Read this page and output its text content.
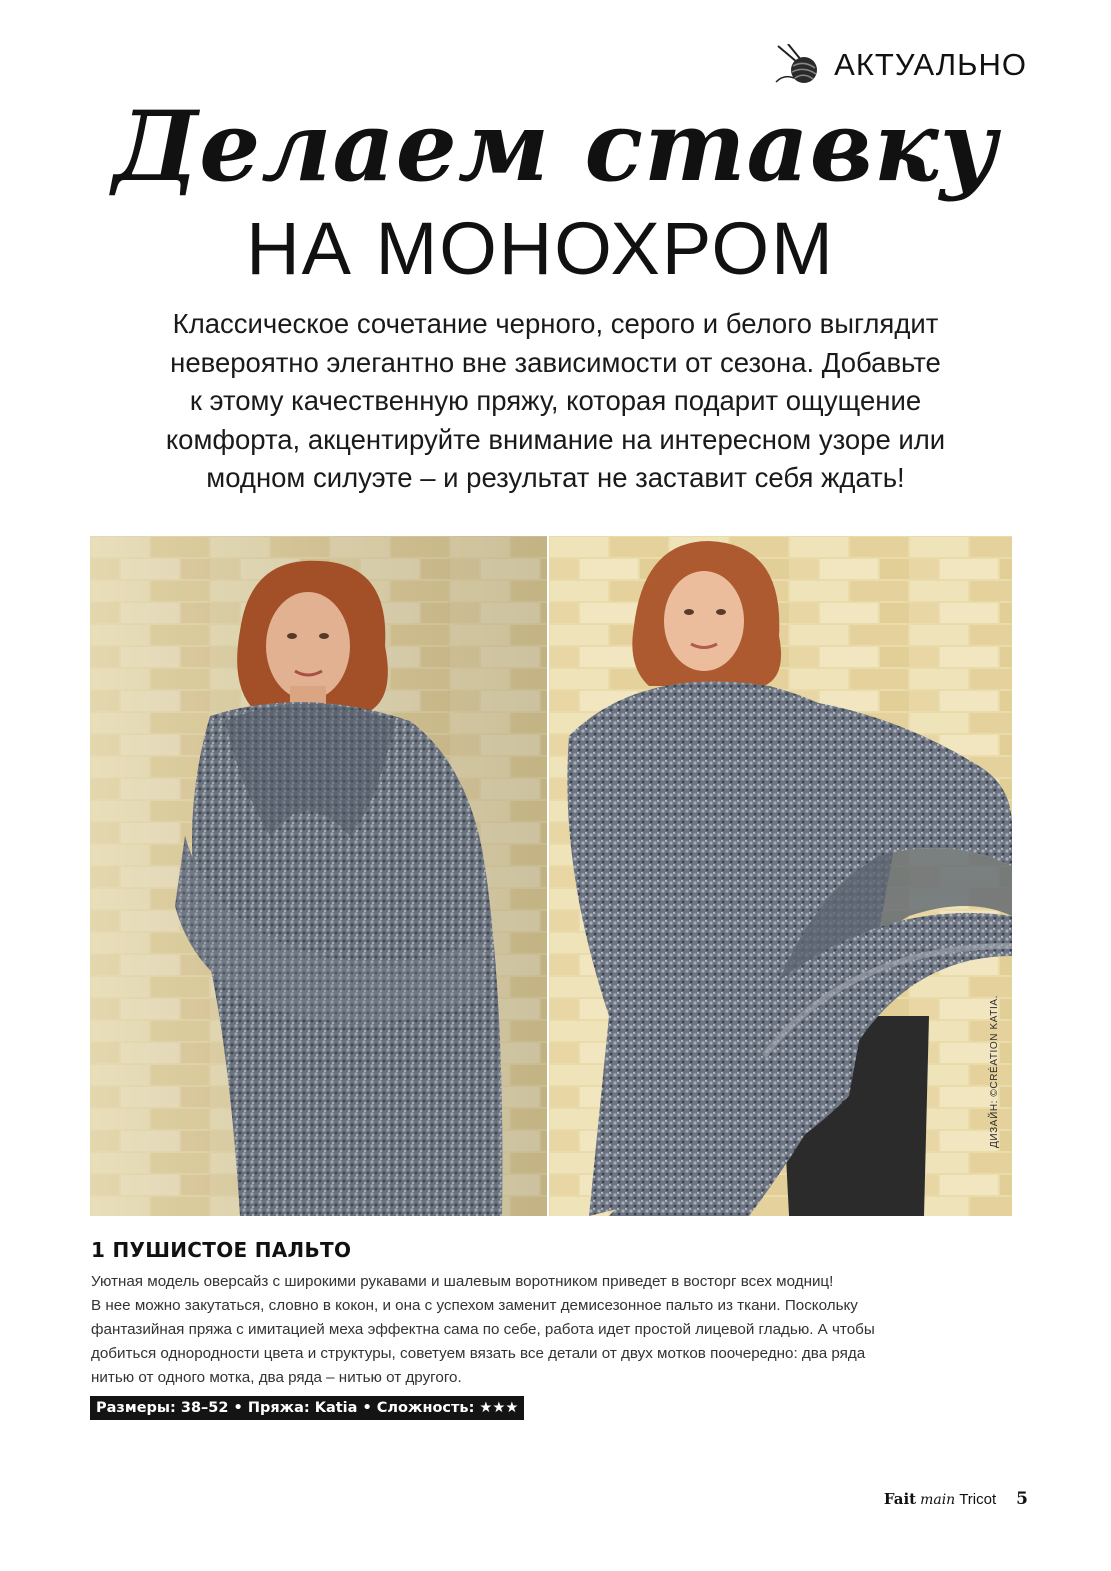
АКТУАЛЬНО
Делаем ставку
НА МОНОХРОМ
Классическое сочетание черного, серого и белого выглядит
невероятно элегантно вне зависимости от сезона. Добавьте
к этому качественную пряжу, которая подарит ощущение
комфорта, акцентируйте внимание на интересном узоре или
модном силуэте – и результат не заставит себя ждать!
ДИЗАЙН: ©CRÉATION KATIA.
1 ПУШИСТОЕ ПАЛЬТО
Уютная модель оверсайз с широкими рукавами и шалевым воротником приведет в восторг всех модниц!
В нее можно закутаться, словно в кокон, и она с успехом заменит демисезонное пальто из ткани. Поскольку
фантазийная пряжа с имитацией меха эффектна сама по себе, работа идет простой лицевой гладью. А чтобы
добиться однородности цвета и структуры, советуем вязать все детали от двух мотков поочередно: два ряда
нитью от одного мотка, два ряда – нитью от другого.
Размеры: 38–52 • Пряжа: Katia • Сложность: ★★★
Fait main Tricot 5
